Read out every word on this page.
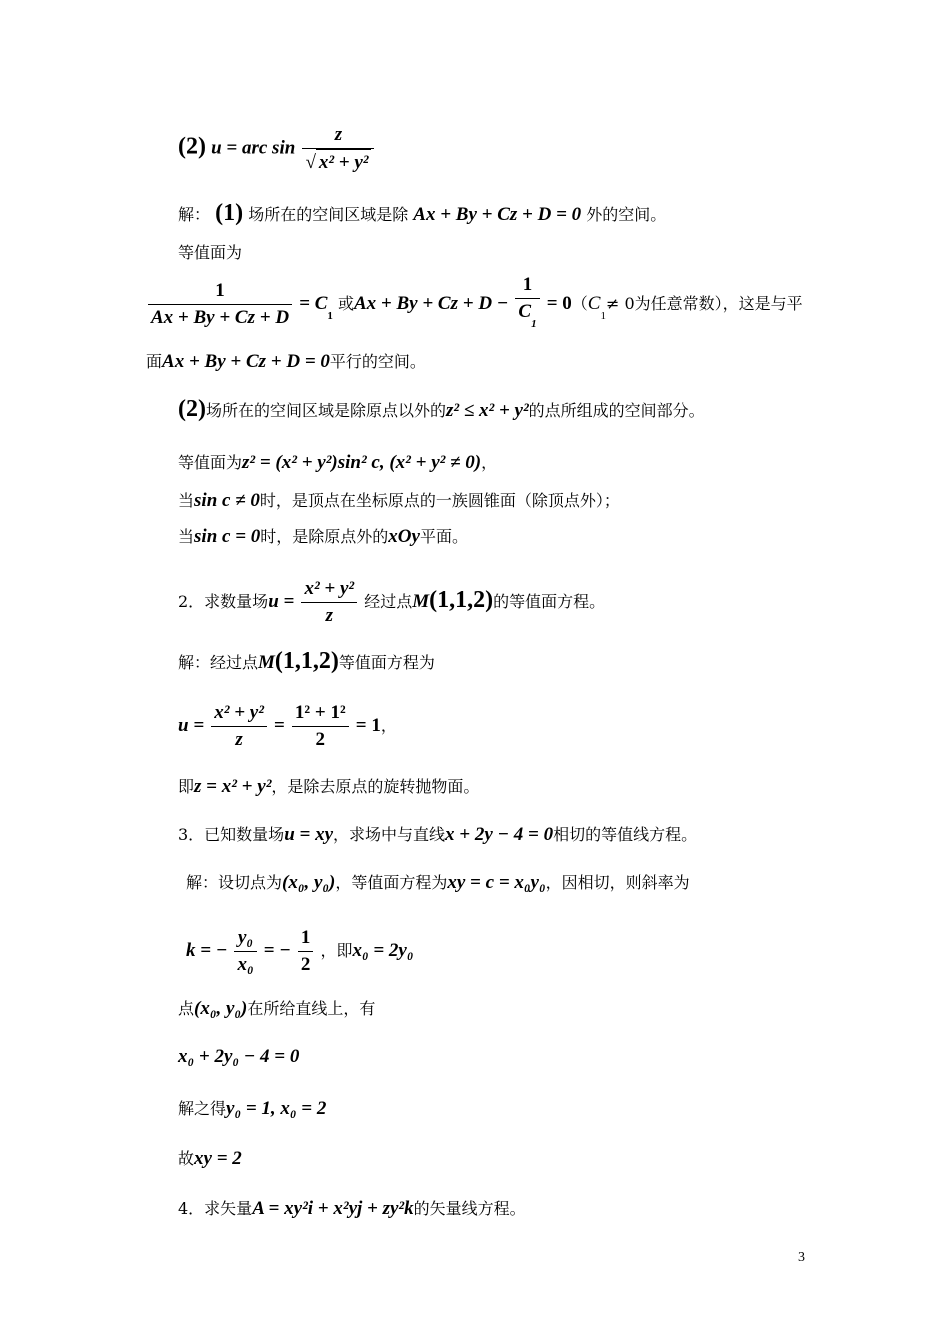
(2) u = arc $\sin \frac{z}{\text{√ x² + y²}}$
解： (1) 场所在的空间区域是除 Ax + By + Cz + D = 0 外的空间。
等值面为
$\frac{1}{Ax + By + Cz + D} = C_1$ 或$Ax + By + Cz + D - \frac{1}{C_1} = 0(C_1\ne 0$为任意常数），这是与平
面Ax + By + Cz + D = 0平行的空间。
(2)场所在的空间区域是除原点以外的z² ≤ x² + y²的点所组成的空间部分。
等值面为z² = (x² + y²)sin² c, (x² + y² ≠ 0)，
当sin c ≠ 0时，是顶点在坐标原点的一族圆锥面（除顶点外）；
当sin c = 0时，是除原点外的xOy平面。
2．求数量场$u = \frac{\text{x² + y²}}{z}$ 经过点M(1,1,2)的等值面方程。
解：经过点M(1,1,2)等值面方程为
$u = \frac{\text{x² + y²}}{z} = \frac{\text{1² + 1²}}{2} = 1$，
即z = x² + y²，是除去原点的旋转抛物面。
3．已知数量场u = xy，求场中与直线x + 2y − 4 = 0相切的等值线方程。
解：设切点为(x₀, y₀)，等值面方程为xy = c = x₀y₀，因相切，则斜率为
k = − $\frac{\text{y₀}}{\text{x₀}}$ = − $\frac{1}{2}$ ，即x₀ = 2y₀
点(x₀, y₀)在所给直线上，有
x₀ + 2y₀ − 4 = 0
解之得y₀ = 1, x₀ = 2
故xy = 2
4．求矢量A = xy²i + x²yj + zy²k的矢量线方程。
3
